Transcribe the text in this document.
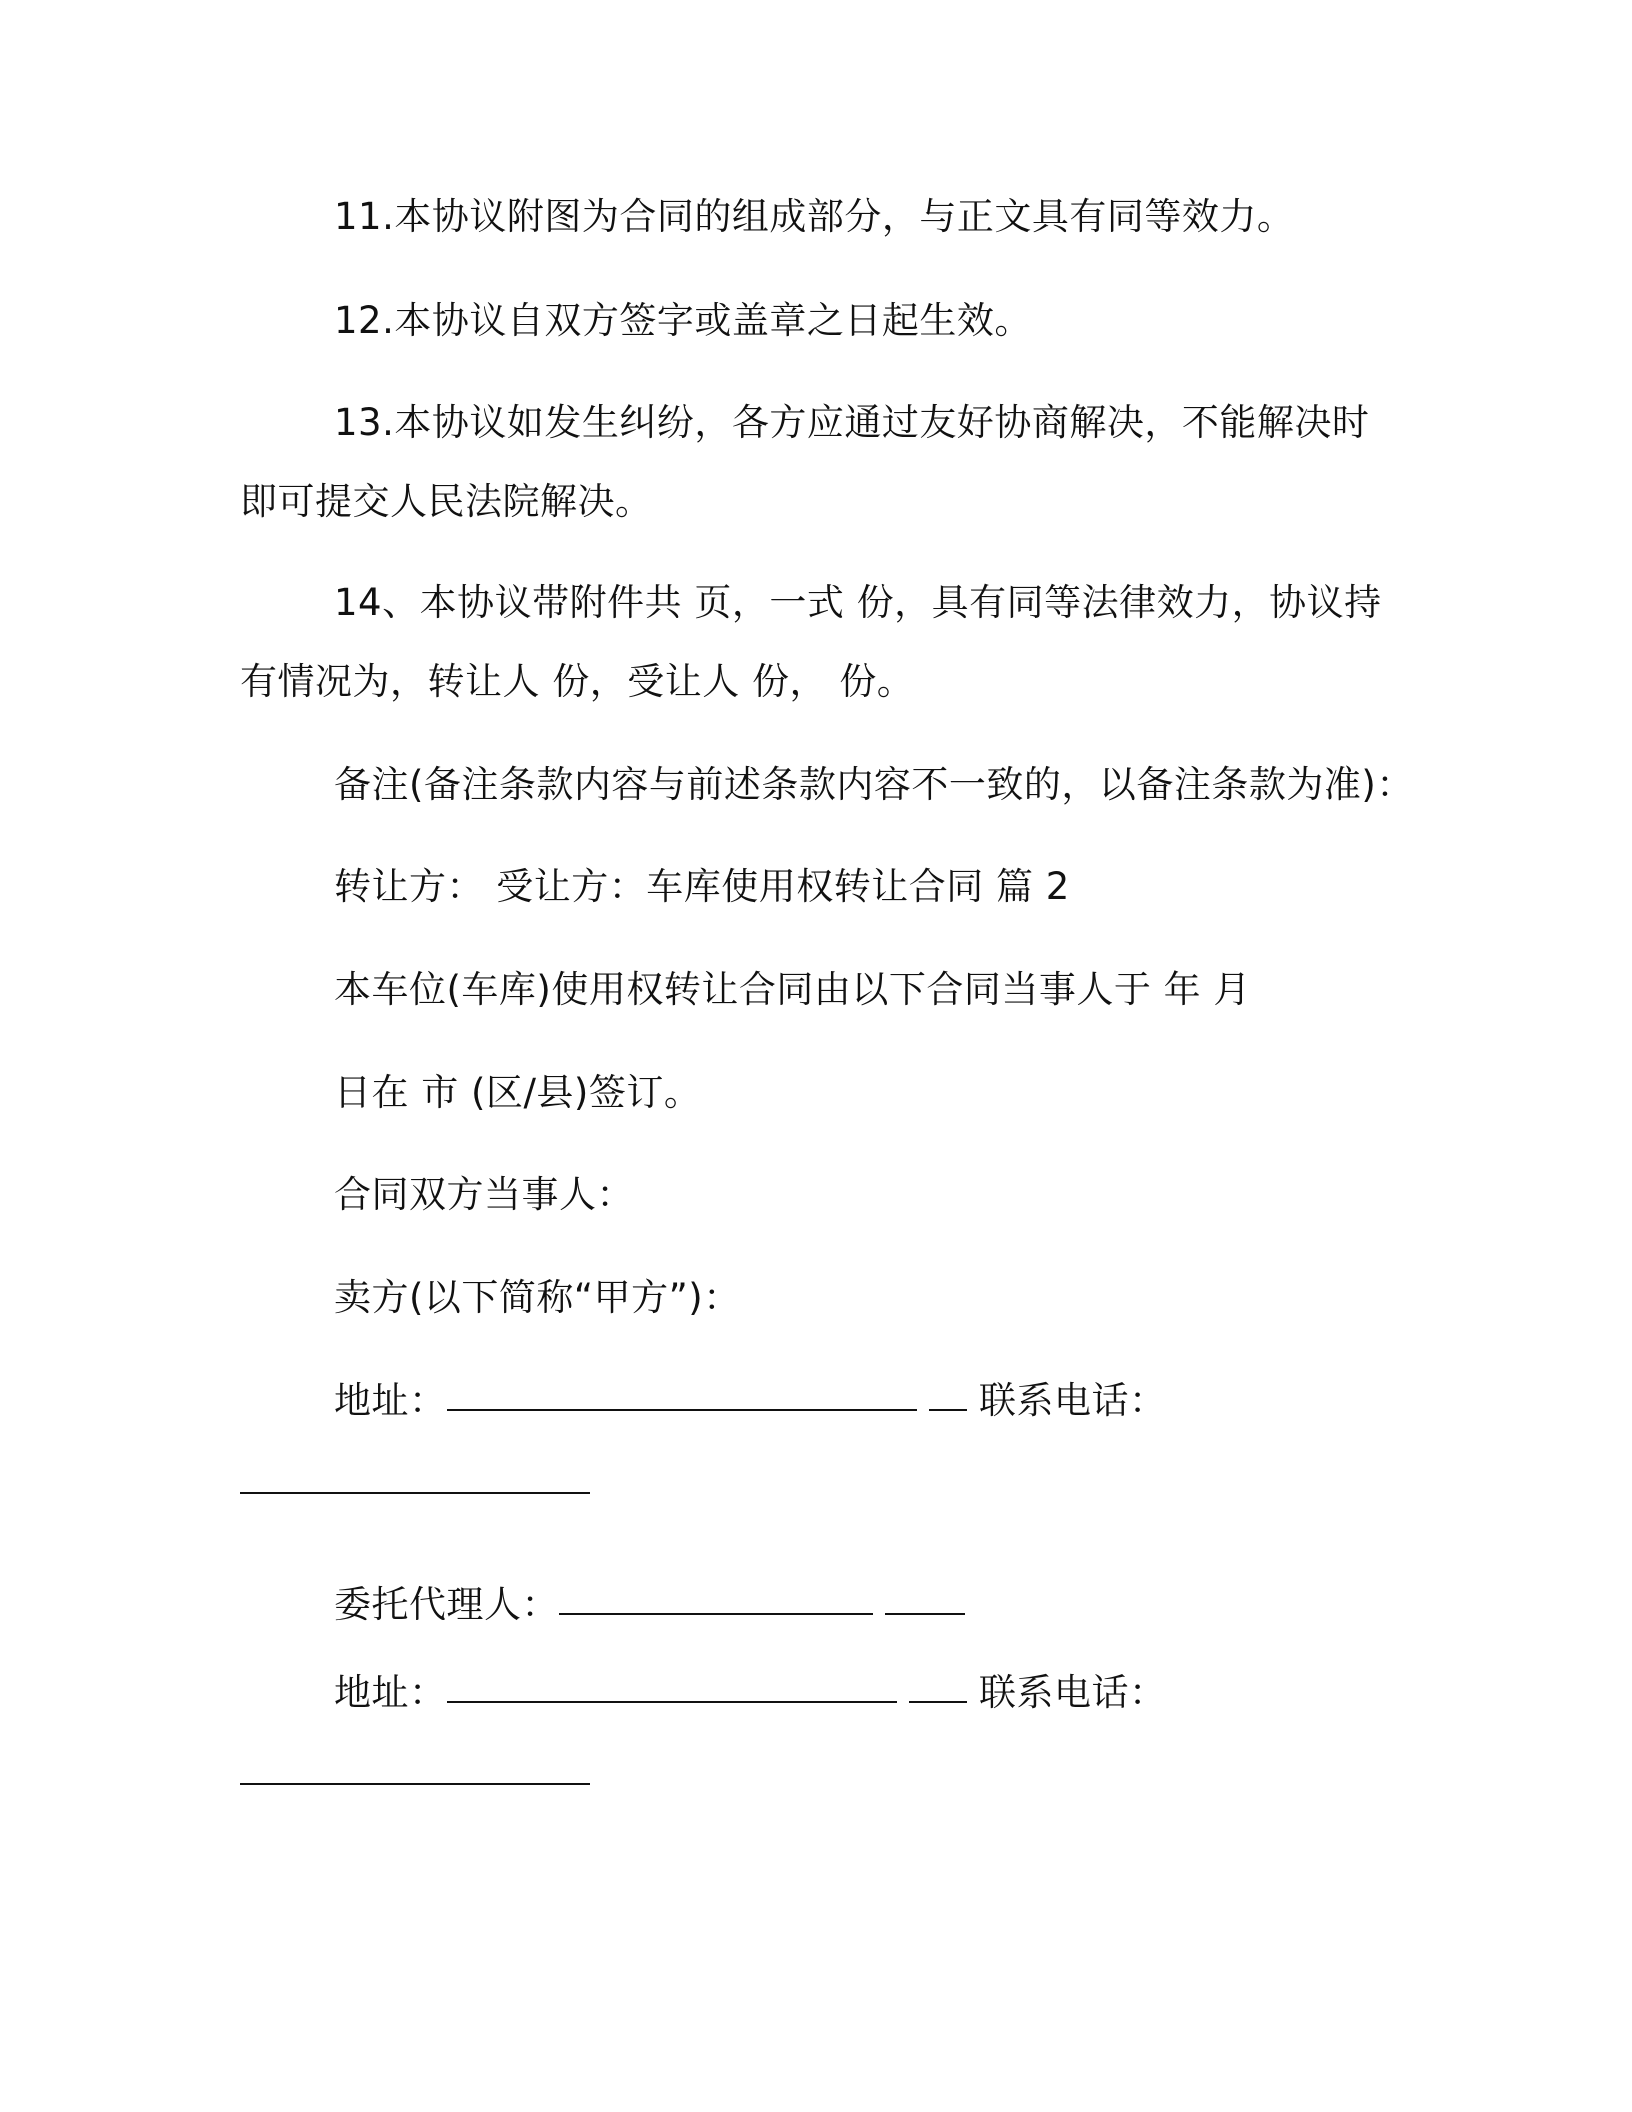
11.本协议附图为合同的组成部分，与正文具有同等效力。
12.本协议自双方签字或盖章之日起生效。
13.本协议如发生纠纷，各方应通过友好协商解决，不能解决时
即可提交人民法院解决。
14、本协议带附件共 页，一式 份，具有同等法律效力，协议持
有情况为，转让人 份，受让人 份， 份。
备注(备注条款内容与前述条款内容不一致的，以备注条款为准)：
转让方： 受让方：车库使用权转让合同 篇 2
本车位(车库)使用权转让合同由以下合同当事人于 年 月
日在 市 (区/县)签订。
合同双方当事人：
卖方(以下简称“甲方”)：
地址：	联系电话：
委托代理人：
地址：	联系电话：
